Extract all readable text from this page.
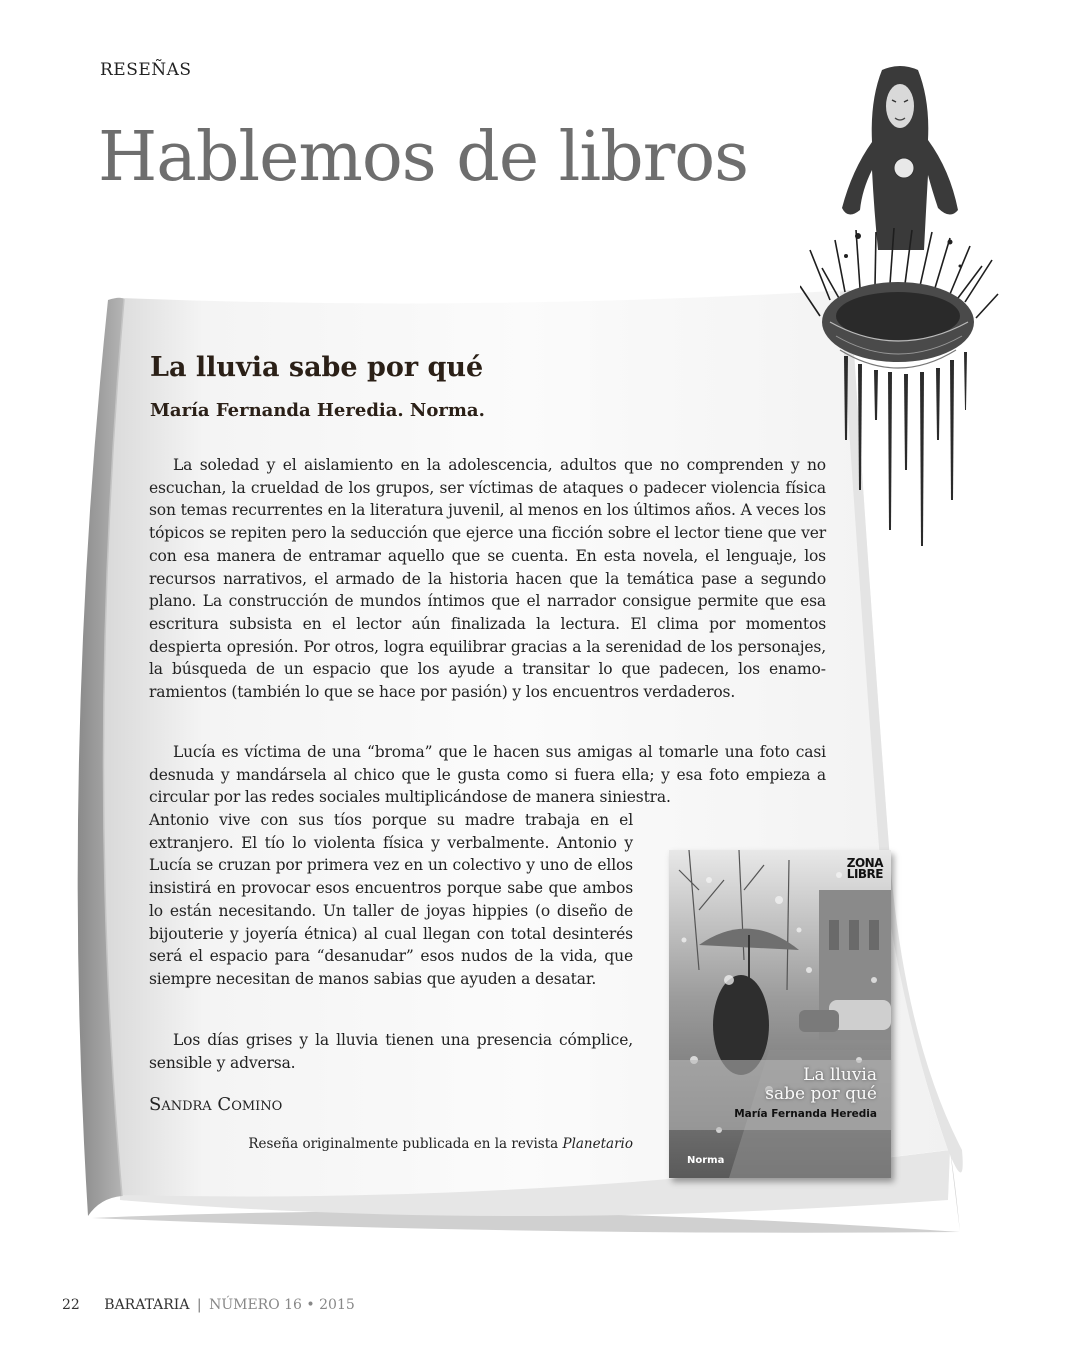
RESEÑAS
Hablemos de libros
La lluvia sabe por qué
María Fernanda Heredia. Norma.

La soledad y el aislamiento en la adolescencia, adultos que no comprenden y no escuchan, la crueldad de los grupos, ser víctimas de ataques o padecer violencia física son temas recurrentes en la literatura juvenil, al menos en los últimos años. A veces los tópicos se repiten pero la seducción que ejerce una ficción sobre el lector tiene que ver con esa manera de entramar aquello que se cuenta. En esta novela, el lenguaje, los recursos narrativos, el armado de la historia hacen que la temática pase a segundo plano. La construcción de mundos íntimos que el narrador consigue permite que esa escritura subsista en el lector aún finalizada la lectura. El clima por momentos despierta opresión. Por otros, logra equilibrar gracias a la serenidad de los personajes, la búsqueda de un espacio que los ayude a transitar lo que padecen, los enamoramientos (también lo que se hace por pasión) y los encuentros verdaderos.

Lucía es víctima de una “broma” que le hacen sus amigas al tomarle una foto casi desnuda y mandársela al chico que le gusta como si fuera ella; y esa foto empieza a circular por las redes sociales multiplicándose de manera siniestra.

Antonio vive con sus tíos porque su madre trabaja en el extranjero. El tío lo violenta física y verbalmente. Antonio y Lucía se cruzan por primera vez en un colectivo y uno de ellos insistirá en provocar esos encuentros porque sabe que ambos lo están necesitando. Un taller de joyas hippies (o diseño de bijouterie y joyería étnica) al cual llegan con total desinterés será el espacio para “desanudar” esos nudos de la vida, que siempre necesitan de manos sabias que ayuden a desatar.

Los días grises y la lluvia tienen una presencia cómplice, sensible y adversa.

Sandra Comino
Reseña originalmente publicada en la revista Planetario
ZONA
LIBRE
La lluvia
sabe por qué
María Fernanda Heredia
Norma
22 BARATARIA | NÚMERO 16 • 2015
